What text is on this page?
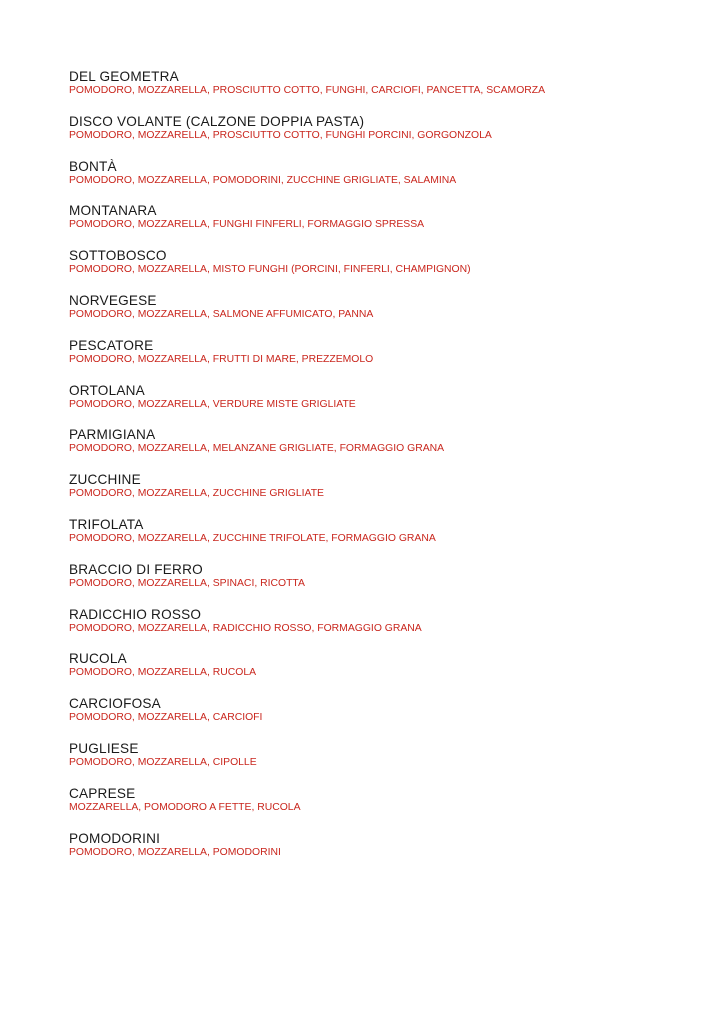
DEL GEOMETRA
POMODORO, MOZZARELLA, PROSCIUTTO COTTO, FUNGHI, CARCIOFI, PANCETTA, SCAMORZA
DISCO VOLANTE (CALZONE DOPPIA PASTA)
POMODORO, MOZZARELLA, PROSCIUTTO COTTO, FUNGHI PORCINI, GORGONZOLA
BONTÀ
POMODORO, MOZZARELLA, POMODORINI, ZUCCHINE GRIGLIATE, SALAMINA
MONTANARA
POMODORO, MOZZARELLA, FUNGHI FINFERLI, FORMAGGIO SPRESSA
SOTTOBOSCO
POMODORO, MOZZARELLA, MISTO FUNGHI (PORCINI, FINFERLI, CHAMPIGNON)
NORVEGESE
POMODORO, MOZZARELLA, SALMONE AFFUMICATO, PANNA
PESCATORE
POMODORO, MOZZARELLA, FRUTTI DI MARE, PREZZEMOLO
ORTOLANA
POMODORO, MOZZARELLA, VERDURE MISTE GRIGLIATE
PARMIGIANA
POMODORO, MOZZARELLA, MELANZANE GRIGLIATE, FORMAGGIO GRANA
ZUCCHINE
POMODORO, MOZZARELLA, ZUCCHINE GRIGLIATE
TRIFOLATA
POMODORO, MOZZARELLA, ZUCCHINE TRIFOLATE, FORMAGGIO GRANA
BRACCIO DI FERRO
POMODORO, MOZZARELLA, SPINACI, RICOTTA
RADICCHIO ROSSO
POMODORO, MOZZARELLA, RADICCHIO ROSSO, FORMAGGIO GRANA
RUCOLA
POMODORO, MOZZARELLA, RUCOLA
CARCIOFOSA
POMODORO, MOZZARELLA, CARCIOFI
PUGLIESE
POMODORO, MOZZARELLA, CIPOLLE
CAPRESE
MOZZARELLA, POMODORO A FETTE, RUCOLA
POMODORINI
POMODORO, MOZZARELLA, POMODORINI
